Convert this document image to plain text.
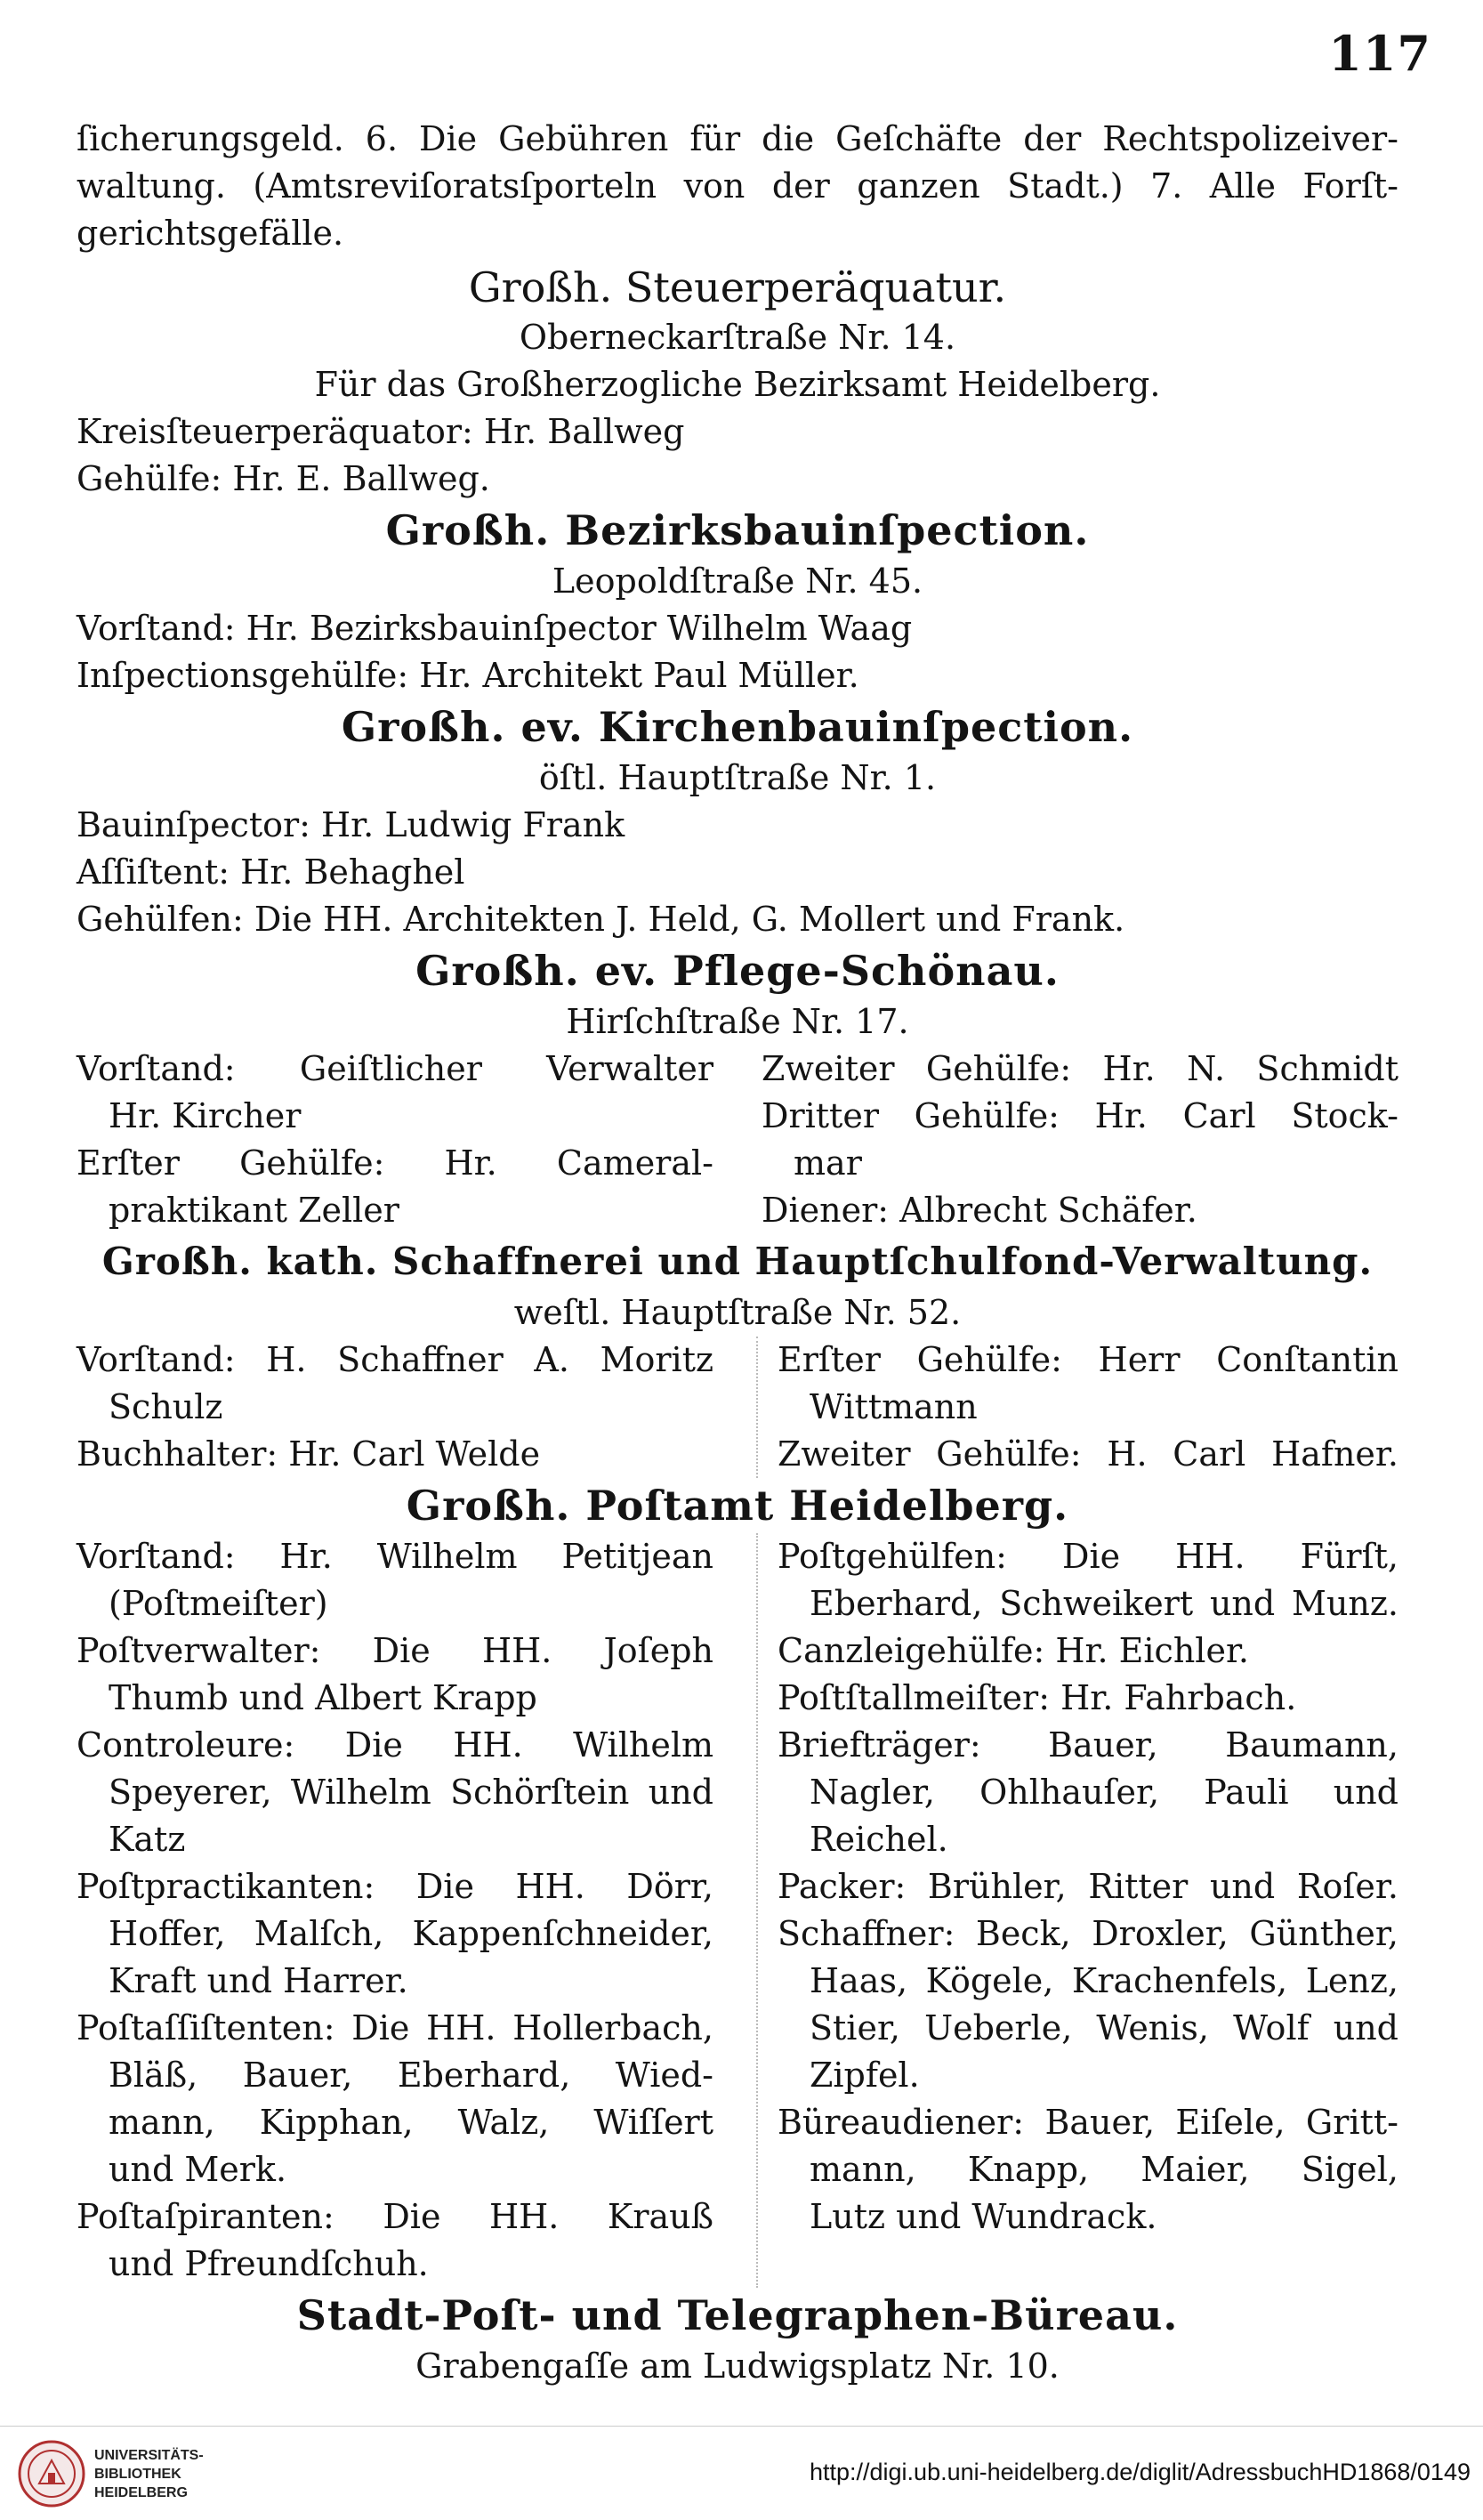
117
ſicherungsgeld. 6. Die Gebühren für die Geſchäfte der Rechtspolizeiver-
waltung. (Amtsreviſoratsſporteln von der ganzen Stadt.) 7. Alle Forſt-
gerichtsgefälle.
Großh. Steuerperäquatur.
Oberneckarſtraße Nr. 14.
Für das Großherzogliche Bezirksamt Heidelberg.
Kreisſteuerperäquator: Hr. Ballweg
Gehülfe: Hr. E. Ballweg.
Großh. Bezirksbauinſpection.
Leopoldſtraße Nr. 45.
Vorſtand: Hr. Bezirksbauinſpector Wilhelm Waag
Inſpectionsgehülfe: Hr. Architekt Paul Müller.
Großh. ev. Kirchenbauinſpection.
öſtl. Hauptſtraße Nr. 1.
Bauinſpector: Hr. Ludwig Frank
Aſſiſtent: Hr. Behaghel
Gehülfen: Die HH. Architekten J. Held, G. Mollert und Frank.
Großh. ev. Pflege-Schönau.
Hirſchſtraße Nr. 17.
Vorſtand: Geiſtlicher Verwalter
Hr. Kircher
Erſter Gehülfe: Hr. Cameral-
praktikant Zeller
Zweiter Gehülfe: Hr. N. Schmidt
Dritter Gehülfe: Hr. Carl Stock-
mar
Diener: Albrecht Schäfer.
Großh. kath. Schaffnerei und Hauptſchulfond-Verwaltung.
weſtl. Hauptſtraße Nr. 52.
Vorſtand: H. Schaffner A. Moritz
Schulz
Buchhalter: Hr. Carl Welde
Erſter Gehülfe: Herr Conſtantin
Wittmann
Zweiter Gehülfe: H. Carl Hafner.
Großh. Poſtamt Heidelberg.
Vorſtand: Hr. Wilhelm Petitjean
(Poſtmeiſter)
Poſtverwalter: Die HH. Joſeph
Thumb und Albert Krapp
Controleure: Die HH. Wilhelm
Speyerer, Wilhelm Schörſtein und
Katz
Poſtpractikanten: Die HH. Dörr,
Hoffer, Malſch, Kappenſchneider,
Kraft und Harrer.
Poſtaſſiſtenten: Die HH. Hollerbach,
Bläß, Bauer, Eberhard, Wied-
mann, Kipphan, Walz, Wiſſert
und Merk.
Poſtaſpiranten: Die HH. Krauß
und Pfreundſchuh.
Poſtgehülfen: Die HH. Fürſt,
Eberhard, Schweikert und Munz.
Canzleigehülfe: Hr. Eichler.
Poſtſtallmeiſter: Hr. Fahrbach.
Briefträger: Bauer, Baumann,
Nagler, Ohlhauſer, Pauli und
Reichel.
Packer: Brühler, Ritter und Roſer.
Schaffner: Beck, Droxler, Günther,
Haas, Kögele, Krachenfels, Lenz,
Stier, Ueberle, Wenis, Wolf und
Zipfel.
Büreaudiener: Bauer, Eiſele, Gritt-
mann, Knapp, Maier, Sigel,
Lutz und Wundrack.
Stadt-Poſt- und Telegraphen-Büreau.
Grabengaſſe am Ludwigsplatz Nr. 10.
UNIVERSITÄTS-
BIBLIOTHEK
HEIDELBERG
http://digi.ub.uni-heidelberg.de/diglit/AdressbuchHD1868/0149
